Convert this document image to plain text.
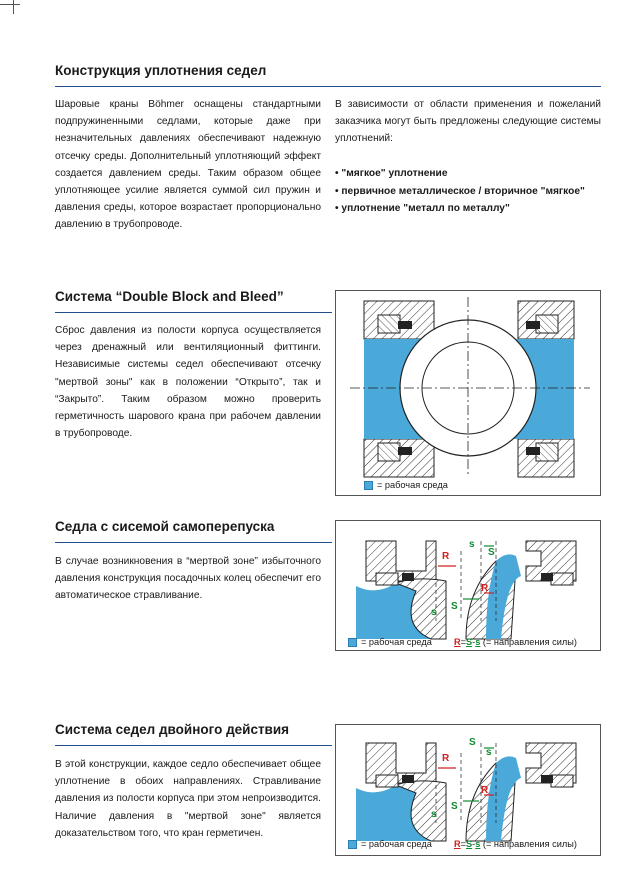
Конструкция уплотнения седел

Шаровые краны Böhmer оснащены стандартными подпружиненными седлами, которые даже при незначительных давлениях обеспечивают надежную отсечку среды. Дополнительный уплотняющий эффект создается давлением среды. Таким образом общее уплотняющее усилие является суммой сил пружин и давления среды, которое возрастает пропорционально давлению в трубопроводе.

В зависимости от области применения и пожеланий заказчика могут быть предложены следующие системы уплотнений:

• "мягкое" уплотнение
• первичное металлическое / вторичное "мягкое"
• уплотнение "металл по металлу"
Система “Double Block and Bleed”

Сброс давления из полости корпуса осуществляется через дренажный или вентиляционный фиттинги. Независимые системы седел обеспечивают отсечку "мертвой зоны" как в положении “Открыто”, так и “Закрыто”. Таким образом можно проверить герметичность шарового крана при рабочем давлении в трубопроводе.

= рабочая среда
Седла с сисемой самоперепуска

В случае возникновения в “мертвой зоне” избыточного давления конструкция посадочных колец обеспечит его автоматическое стравливание.

R
s
S
R
s
S
= рабочая среда R=S-s (= направления силы)
Система седел двойного действия

В этой конструкции, каждое седло обеспечивает общее уплотнение в обоих направлениях. Стравливание давления из полости корпуса при этом непроизводится. Наличие давления в "мертвой зоне" является доказательством того, что кран герметичен.

S
s
R
R
S
s
= рабочая среда R=S-s (= направления силы)
